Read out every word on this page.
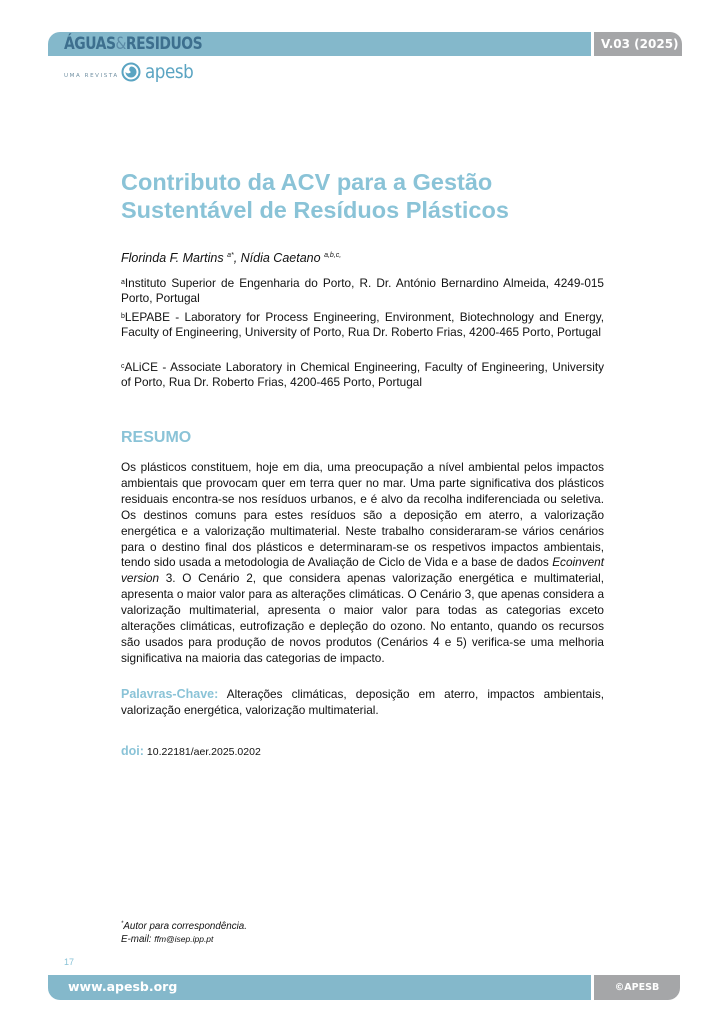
ÁGUAS&RESIDUOS	V.03 (2025)
UMA REVISTA apesb
Contributo da ACV para a Gestão Sustentável de Resíduos Plásticos
Florinda F. Martins $^{a*}$, Nídia Caetano $^{a,b,c,}$

$^a$Instituto Superior de Engenharia do Porto, R. Dr. António Bernardino Almeida, 4249-015 Porto, Portugal

$^b$LEPABE - Laboratory for Process Engineering, Environment, Biotechnology and Energy, Faculty of Engineering, University of Porto, Rua Dr. Roberto Frias, 4200-465 Porto, Portugal

$^c$ALiCE - Associate Laboratory in Chemical Engineering, Faculty of Engineering, University of Porto, Rua Dr. Roberto Frias, 4200-465 Porto, Portugal

RESUMO

Os plásticos constituem, hoje em dia, uma preocupação a nível ambiental pelos impactos ambientais que provocam quer em terra quer no mar. Uma parte significativa dos plásticos residuais encontra-se nos resíduos urbanos, e é alvo da recolha indiferenciada ou seletiva. Os destinos comuns para estes resíduos são a deposição em aterro, a valorização energética e a valorização multimaterial. Neste trabalho consideraram-se vários cenários para o destino final dos plásticos e determinaram-se os respetivos impactos ambientais, tendo sido usada a metodologia de Avaliação de Ciclo de Vida e a base de dados Ecoinvent version 3. O Cenário 2, que considera apenas valorização energética e multimaterial, apresenta o maior valor para as alterações climáticas. O Cenário 3, que apenas considera a valorização multimaterial, apresenta o maior valor para todas as categorias exceto alterações climáticas, eutrofização e depleção do ozono. No entanto, quando os recursos são usados para produção de novos produtos (Cenários 4 e 5) verifica-se uma melhoria significativa na maioria das categorias de impacto.

Palavras-Chave: Alterações climáticas, deposição em aterro, impactos ambientais, valorização energética, valorização multimaterial.

doi: 10.22181/aer.2025.0202
*Autor para correspondência.
E-mail: ffm@isep.ipp.pt
17
www.apesb.org	©APESB
